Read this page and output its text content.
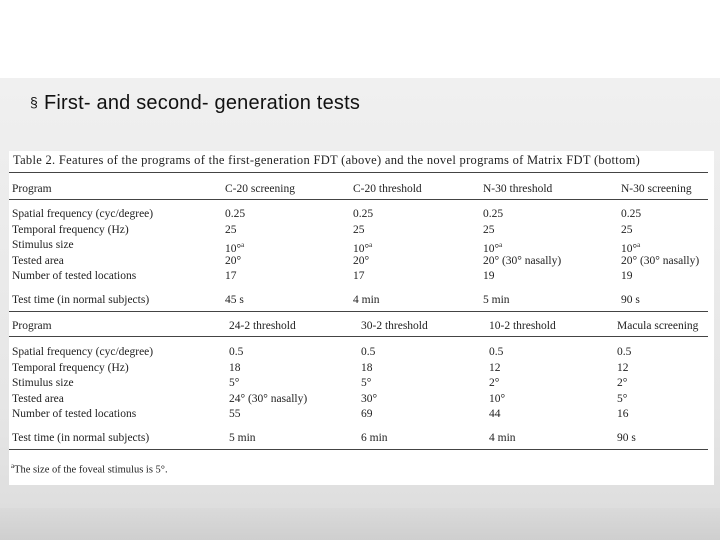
§ First- and second- generation tests
Table 2. Features of the programs of the first-generation FDT (above) and the novel programs of Matrix FDT (bottom)
Program	C-20 screening	C-20 threshold	N-30 threshold	N-30 screening
Spatial frequency (cyc/degree)	0.25	0.25	0.25	0.25
Temporal frequency (Hz)	25	25	25	25
Stimulus size	10°$^a$	10°$^a$	10°$^a$	10°$^a$
Tested area	20°	20°	20° (30° nasally)	20° (30° nasally)
Number of tested locations	17	17	19	19
Test time (in normal subjects)	45 s	4 min	5 min	90 s
Program	24-2 threshold	30-2 threshold	10-2 threshold	Macula screening
Spatial frequency (cyc/degree)	0.5	0.5	0.5	0.5
Temporal frequency (Hz)	18	18	12	12
Stimulus size	5°	5°	2°	2°
Tested area	24° (30° nasally)	30°	10°	5°
Number of tested locations	55	69	44	16
Test time (in normal subjects)	5 min	6 min	4 min	90 s
$^a$The size of the foveal stimulus is 5°.
